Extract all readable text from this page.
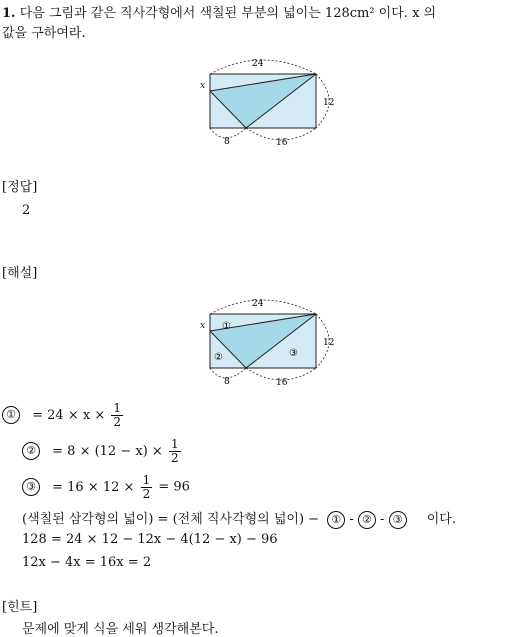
1. 다음 그림과 같은 직사각형에서 색칠된 부분의 넓이는 128cm² 이다. x 의
값을 구하여라.
24
12
x
8	16
[정답]
2
[해설]
24
12
x
8	16
①
②	③
① = $24 \times x \times \frac{1}{2}$
② = $8 \times (12 - x) \times \frac{1}{2}$
③ = $16 \times 12 \times \frac{1}{2} = 96$
(색칠된 삼각형의 넓이) = (전체 직사각형의 넓이) − ① - ② - ③ 이다.
128 = 24 × 12 − 12x − 4(12 − x) − 96
12x − 4x = 16x = 2
[힌트]
문제에 맞게 식을 세워 생각해본다.
